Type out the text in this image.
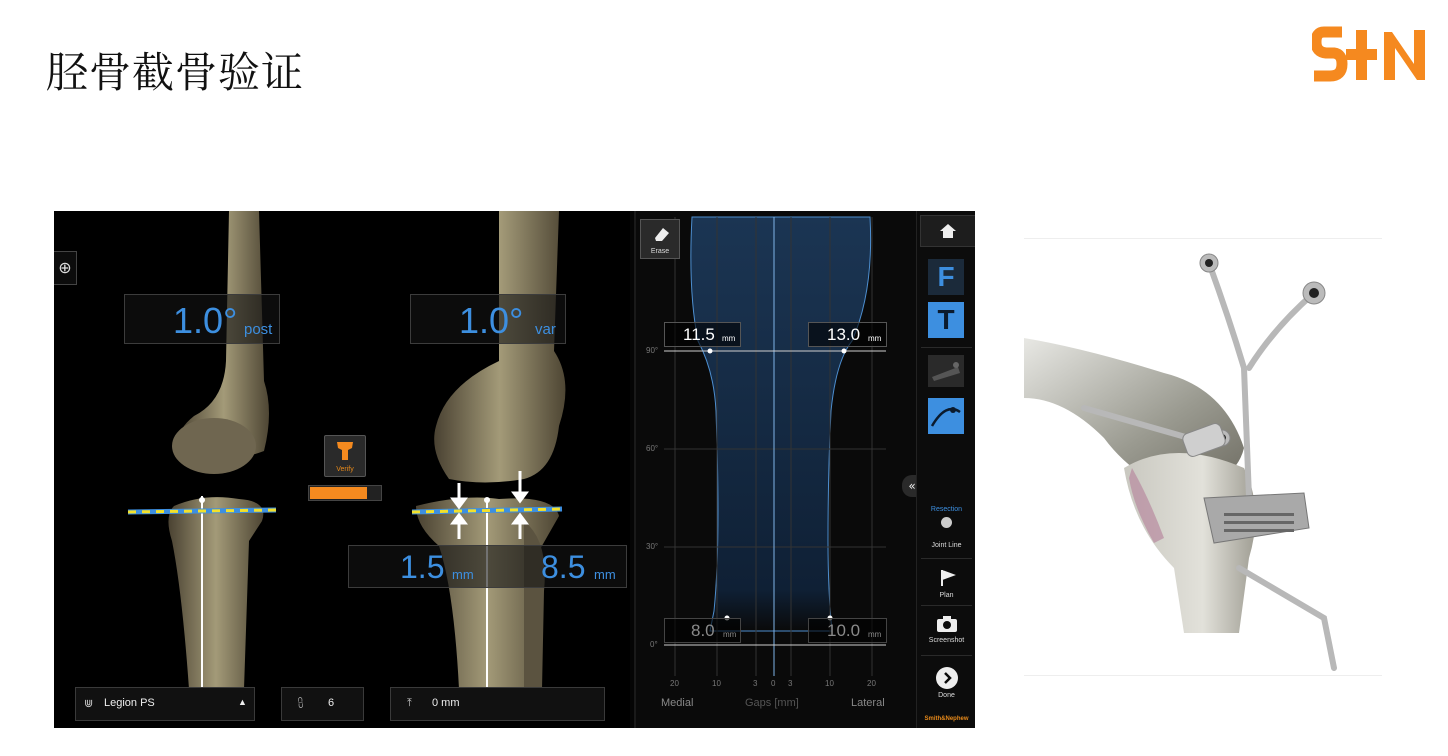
胫骨截骨验证
⊕
1.0° post	1.0° var
Verify
1.5 mm 8.5 mm
⋓ Legion PS	▲	⩉ 6	⤒ 0 mm
Erase
11.5 mm	13.0 mm
8.0 mm	10.0 mm
90°
60°
30°
0°
20	10	3 0 3	10	20
Medial	Gaps [mm]	Lateral
«
F
T
Resection
Joint Line
Plan
Screenshot
Done
Smith&Nephew
